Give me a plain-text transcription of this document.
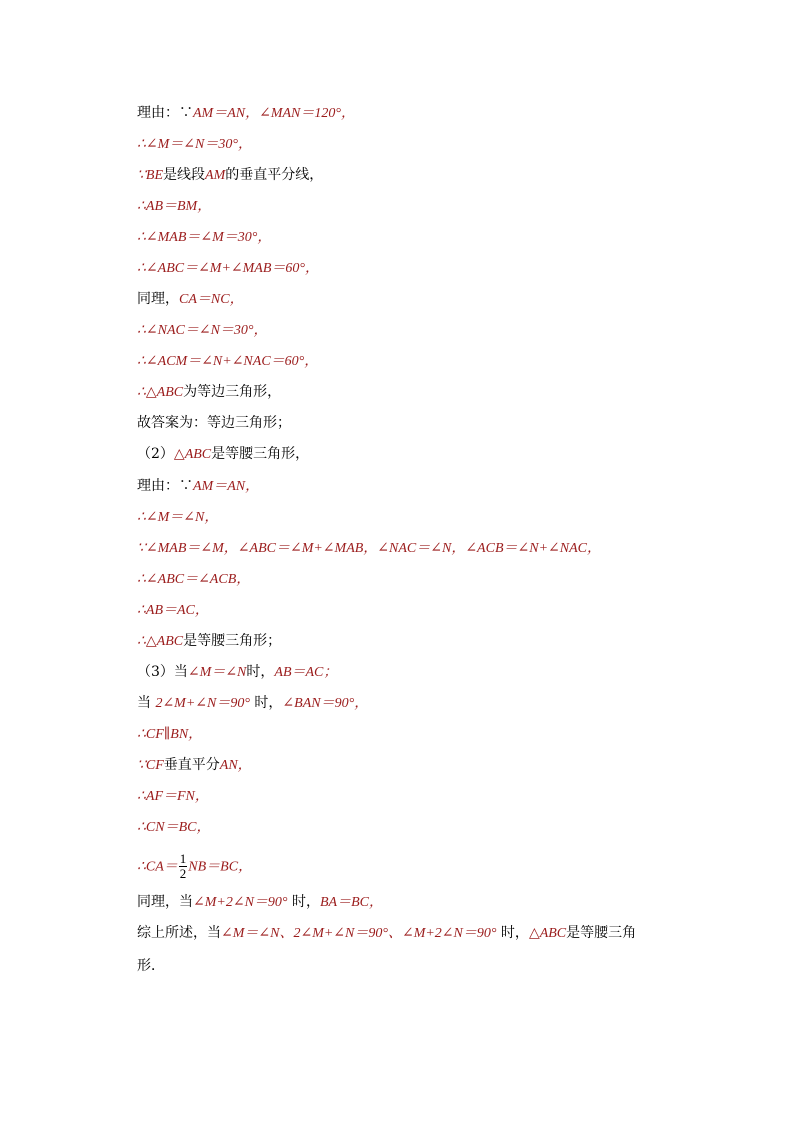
理由：∵AM＝AN，∠MAN＝120°，
∴∠M＝∠N＝30°，
∵BE是线段AM的垂直平分线，
∴AB＝BM，
∴∠MAB＝∠M＝30°，
∴∠ABC＝∠M+∠MAB＝60°，
同理，CA＝NC，
∴∠NAC＝∠N＝30°，
∴∠ACM＝∠N+∠NAC＝60°，
∴△ABC为等边三角形，
故答案为：等边三角形；
（2）△ABC是等腰三角形，
理由：∵AM＝AN，
∴∠M＝∠N，
∵∠MAB＝∠M，∠ABC＝∠M+∠MAB，∠NAC＝∠N，∠ACB＝∠N+∠NAC，
∴∠ABC＝∠ACB，
∴AB＝AC，
∴△ABC是等腰三角形；
（3）当∠M＝∠N时，AB＝AC；
当 2∠M+∠N＝90° 时，∠BAN＝90°，
∴CF∥BN，
∵CF垂直平分AN，
∴AF＝FN，
∴CN＝BC，
∴CA＝ $\frac{1}{2} NB=BC$，
同理，当∠M+2∠N＝90° 时，BA＝BC，
综上所述，当∠M＝∠N、2∠M+∠N＝90°、∠M+2∠N＝90° 时，△ABC是等腰三角
形．
